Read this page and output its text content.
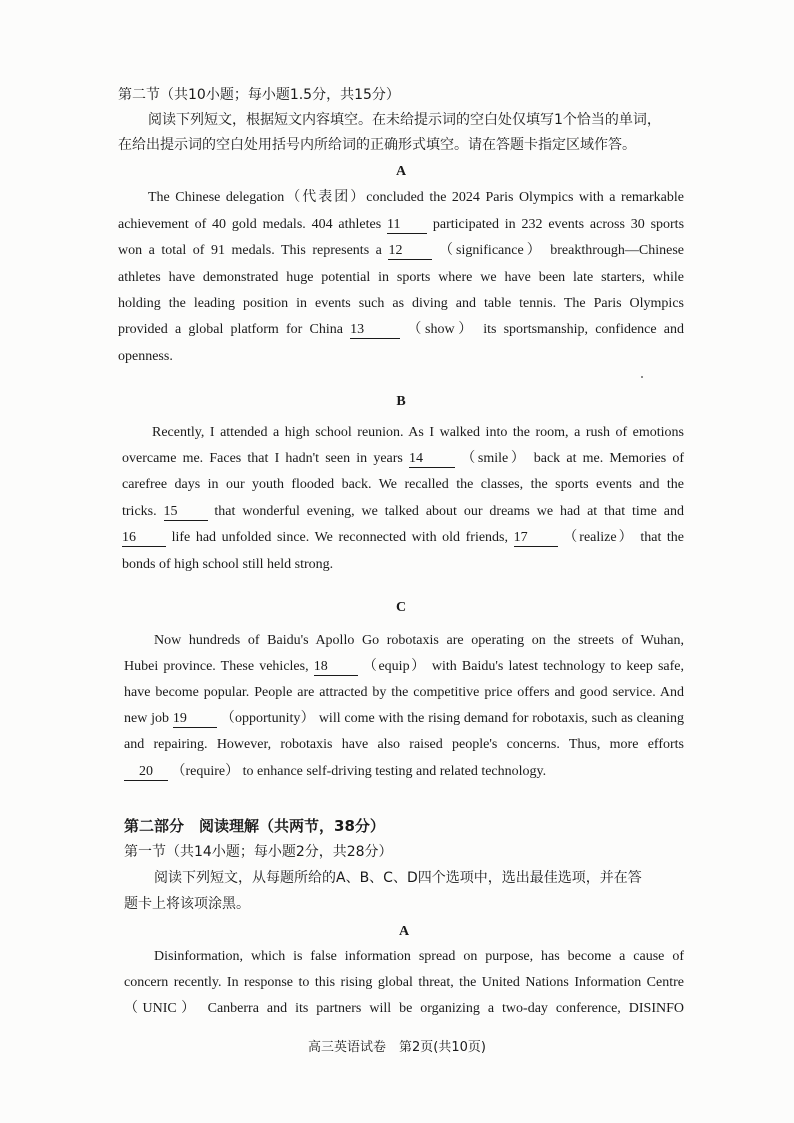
第二节（共10小题；每小题1.5分，共15分）
阅读下列短文，根据短文内容填空。在未给提示词的空白处仅填写1个恰当的单词，
在给出提示词的空白处用括号内所给词的正确形式填空。请在答题卡指定区域作答。
A
The Chinese delegation（代表团）concluded the 2024 Paris Olympics with a remarkable
achievement of 40 gold medals. 404 athletes 11 participated in 232 events across 30 sports
won a total of 91 medals. This represents a 12	（significance） breakthrough—Chinese
athletes have demonstrated huge potential in sports where we have been late starters, while
holding the leading position in events such as diving and table tennis. The Paris Olympics
provided a global platform for China 13	（show） its sportsmanship, confidence and
openness.
B
Recently, I attended a high school reunion. As I walked into the room, a rush of emotions
overcame me. Faces that I hadn't seen in years 14	（smile） back at me. Memories of
carefree days in our youth flooded back. We recalled the classes, the sports events and the
tricks. 15	that wonderful evening, we talked about our dreams we had at that time and
16	life had unfolded since. We reconnected with old friends, 17	（realize） that the
bonds of high school still held strong.
C
Now hundreds of Baidu's Apollo Go robotaxis are operating on the streets of Wuhan,
Hubei province. These vehicles, 18	（equip） with Baidu's latest technology to keep safe,
have become popular. People are attracted by the competitive price offers and good service. And
new job 19 （opportunity） will come with the rising demand for robotaxis, such as cleaning
and repairing. However, robotaxis have also raised people's concerns. Thus, more efforts
20 （require） to enhance self-driving testing and related technology.
第二部分　阅读理解（共两节，38分）
第一节（共14小题；每小题2分，共28分）
阅读下列短文，从每题所给的A、B、C、D四个选项中，选出最佳选项，并在答
题卡上将该项涂黑。
A
Disinformation, which is false information spread on purpose, has become a cause of
concern recently. In response to this rising global threat, the United Nations Information Centre
（UNIC） Canberra and its partners will be organizing a two-day conference, DISINFO
高三英语试卷　第2页(共10页)
